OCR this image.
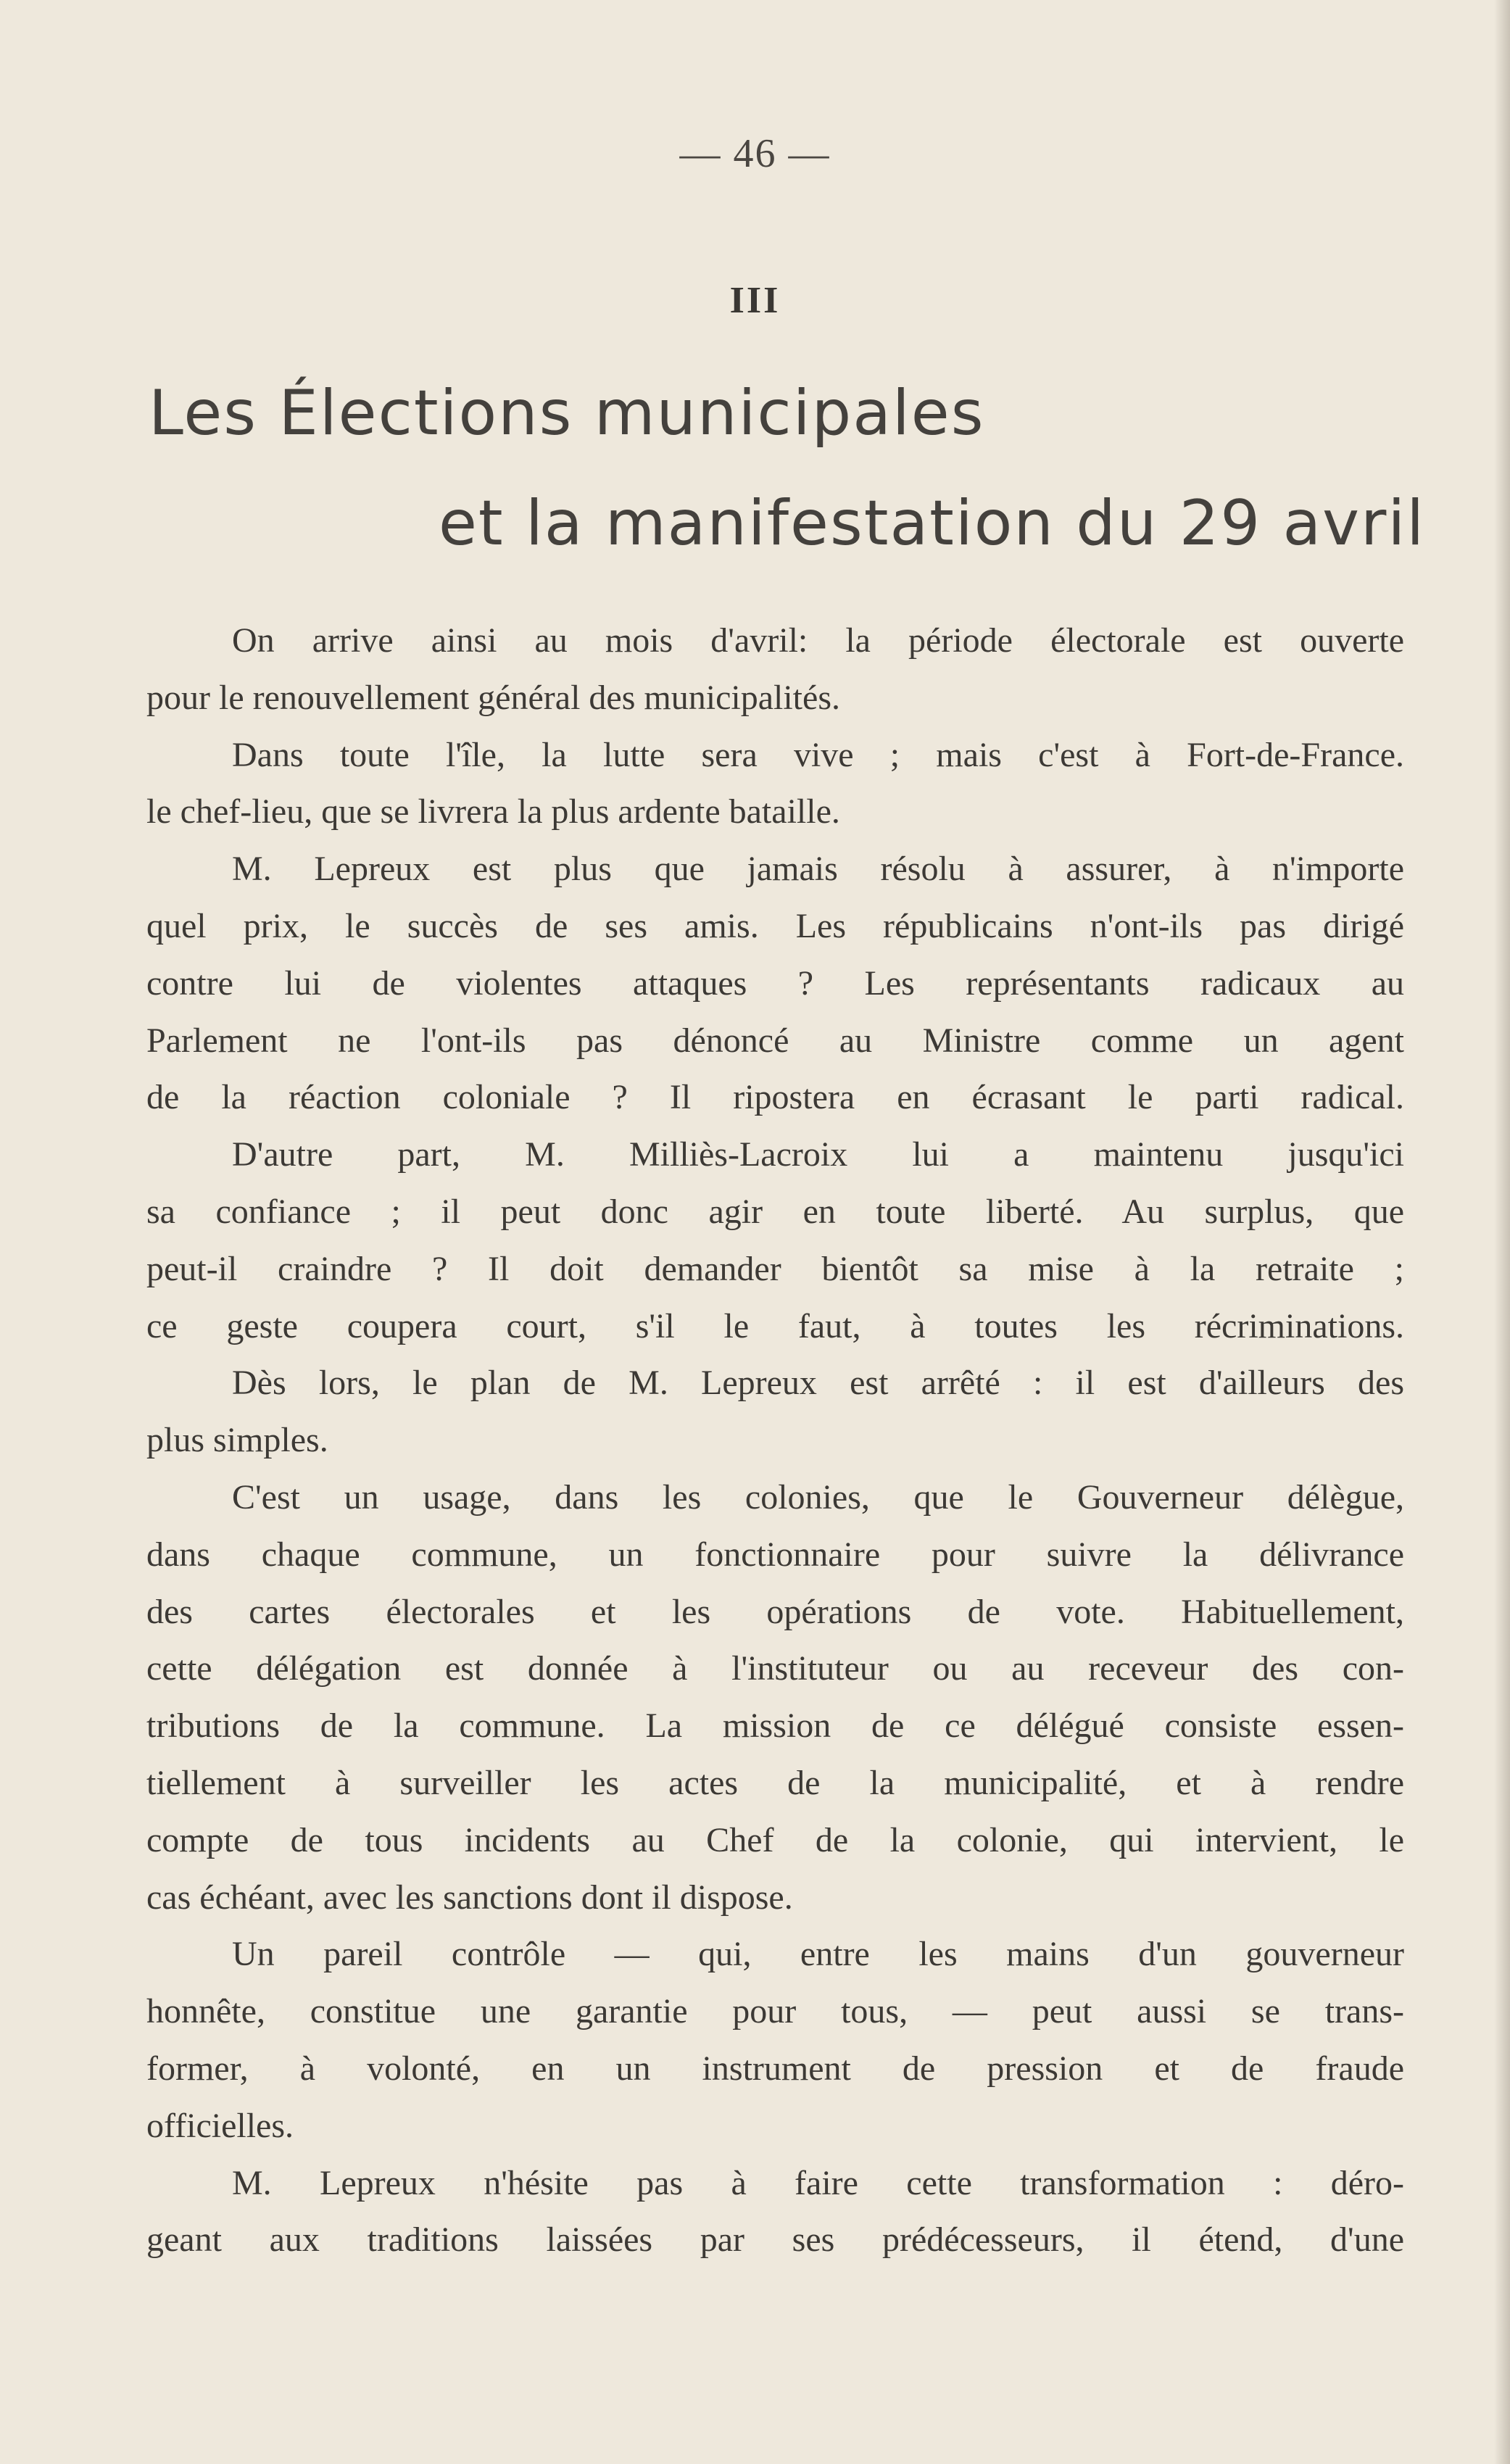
— 46 —
III
Les Élections municipales
et la manifestation du 29 avril
On arrive ainsi au mois d'avril: la période électorale est ouverte
pour le renouvellement général des municipalités.
Dans toute l'île, la lutte sera vive ; mais c'est à Fort-de-France.
le chef-lieu, que se livrera la plus ardente bataille.
M. Lepreux est plus que jamais résolu à assurer, à n'importe
quel prix, le succès de ses amis. Les républicains n'ont-ils pas dirigé
contre lui de violentes attaques ? Les représentants radicaux au
Parlement ne l'ont-ils pas dénoncé au Ministre comme un agent
de la réaction coloniale ? Il ripostera en écrasant le parti radical.
D'autre part, M. Milliès-Lacroix lui a maintenu jusqu'ici
sa confiance ; il peut donc agir en toute liberté. Au surplus, que
peut-il craindre ? Il doit demander bientôt sa mise à la retraite ;
ce geste coupera court, s'il le faut, à toutes les récriminations.
Dès lors, le plan de M. Lepreux est arrêté : il est d'ailleurs des
plus simples.
C'est un usage, dans les colonies, que le Gouverneur délègue,
dans chaque commune, un fonctionnaire pour suivre la délivrance
des cartes électorales et les opérations de vote. Habituellement,
cette délégation est donnée à l'instituteur ou au receveur des con-
tributions de la commune. La mission de ce délégué consiste essen-
tiellement à surveiller les actes de la municipalité, et à rendre
compte de tous incidents au Chef de la colonie, qui intervient, le
cas échéant, avec les sanctions dont il dispose.
Un pareil contrôle — qui, entre les mains d'un gouverneur
honnête, constitue une garantie pour tous, — peut aussi se trans-
former, à volonté, en un instrument de pression et de fraude
officielles.
M. Lepreux n'hésite pas à faire cette transformation : déro-
geant aux traditions laissées par ses prédécesseurs, il étend, d'une
